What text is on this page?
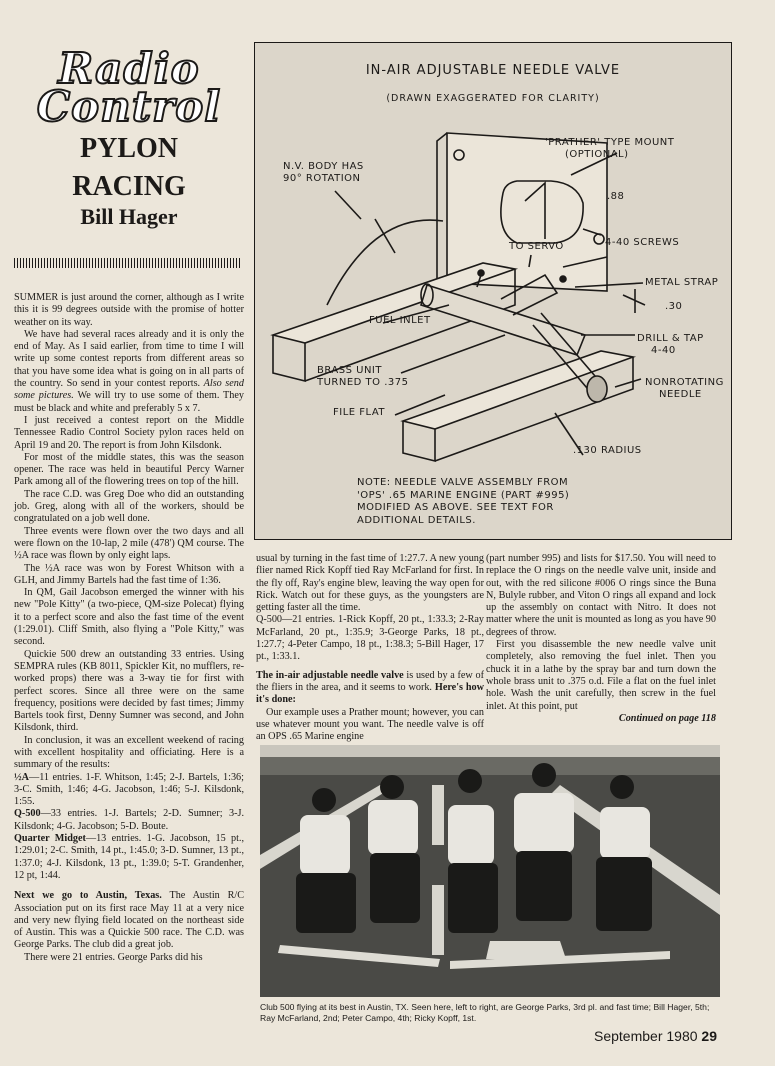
Radio
Control
PYLON
RACING
Bill Hager

SUMMER is just around the corner, although as I write this it is 99 degrees outside with the promise of hotter weather on its way.

We have had several races already and it is only the end of May. As I said earlier, from time to time I will write up some contest reports from different areas so that you have some idea what is going on in all parts of the country. So send in your contest reports. Also send some pictures. We will try to use some of them. They must be black and white and preferably 5 x 7.

I just received a contest report on the Middle Tennessee Radio Control Society pylon races held on April 19 and 20. The report is from John Kilsdonk.

For most of the middle states, this was the season opener. The race was held in beautiful Percy Warner Park among all of the flowering trees on top of the hill.

The race C.D. was Greg Doe who did an outstanding job. Greg, along with all of the workers, should be congratulated on a job well done.

Three events were flown over the two days and all were flown on the 10-lap, 2 mile (478') QM course. The ½A race was flown by only eight laps.

The ½A race was won by Forest Whitson with a GLH, and Jimmy Bartels had the fast time of 1:36.

In QM, Gail Jacobson emerged the winner with his new "Pole Kitty" (a two-piece, QM-size Polecat) flying it to a perfect score and also the fast time of the event (1:29.01). Cliff Smith, also flying a "Pole Kitty," was second.

Quickie 500 drew an outstanding 33 entries. Using SEMPRA rules (KB 8011, Spickler Kit, no mufflers, re-worked props) there was a 3-way tie for first with perfect scores. Since all three were on the same frequency, positions were decided by fast times; Jimmy Bartels took first, Denny Sumner was second, and John Kilsdonk, third.

In conclusion, it was an excellent weekend of racing with excellent hospitality and officiating. Here is a summary of the results:

½A—11 entries. 1-F. Whitson, 1:45; 2-J. Bartels, 1:36; 3-C. Smith, 1:46; 4-G. Jacobson, 1:46; 5-J. Kilsdonk, 1:55.

Q-500—33 entries. 1-J. Bartels; 2-D. Sumner; 3-J. Kilsdonk; 4-G. Jacobson; 5-D. Boute.

Quarter Midget—13 entries. 1-G. Jacobson, 15 pt., 1:29.01; 2-C. Smith, 14 pt., 1:45.0; 3-D. Sumner, 13 pt., 1:37.0; 4-J. Kilsdonk, 13 pt., 1:39.0; 5-T. Grandenher, 12 pt, 1:44.

Next we go to Austin, Texas. The Austin R/C Association put on its first race May 11 at a very nice and very new flying field located on the northeast side of Austin. This was a Quickie 500 race. The C.D. was George Parks. The club did a great job.

There were 21 entries. George Parks did his

IN-AIR ADJUSTABLE NEEDLE VALVE
(DRAWN EXAGGERATED FOR CLARITY)
'PRATHER' TYPE MOUNT
(OPTIONAL)
N.V. BODY HAS
90° ROTATION
.88
TO SERVO	4-40 SCREWS
METAL STRAP
.30
FUEL INLET
DRILL & TAP
4-40
BRASS UNIT
TURNED TO .375	NONROTATING
NEEDLE
FILE FLAT
.130 RADIUS
NOTE: NEEDLE VALVE ASSEMBLY FROM
'OPS' .65 MARINE ENGINE (PART #995)
MODIFIED AS ABOVE. SEE TEXT FOR
ADDITIONAL DETAILS.

usual by turning in the fast time of 1:27.7. A new young flier named Rick Kopff tied Ray McFarland for first. In the fly off, Ray's engine blew, leaving the way open for Rick. Watch out for these guys, as the youngsters are getting faster all the time.

Q-500—21 entries. 1-Rick Kopff, 20 pt., 1:33.3; 2-Ray McFarland, 20 pt., 1:35.9; 3-George Parks, 18 pt., 1:27.7; 4-Peter Campo, 18 pt., 1:38.3; 5-Bill Hager, 17 pt., 1:33.1.

The in-air adjustable needle valve is used by a few of the fliers in the area, and it seems to work. Here's how it's done:

Our example uses a Prather mount; however, you can use whatever mount you want. The needle valve is off an OPS .65 Marine engine

(part number 995) and lists for $17.50. You will need to replace the O rings on the needle valve unit, inside and out, with the red silicone #006 O rings since the Buna N, Bulyle rubber, and Viton O rings all expand and lock up the assembly on contact with Nitro. It does not matter where the unit is mounted as long as you have 90 degrees of throw.

First you disassemble the new needle valve unit completely, also removing the fuel inlet. Then you chuck it in a lathe by the spray bar and turn down the whole brass unit to .375 o.d. File a flat on the fuel inlet hole. Wash the unit carefully, then screw in the fuel inlet. At this point, put

Continued on page 118

Club 500 flying at its best in Austin, TX. Seen here, left to right, are George Parks, 3rd pl. and fast time; Bill Hager, 5th; Ray McFarland, 2nd; Peter Campo, 4th; Ricky Kopff, 1st.
September 1980 29
